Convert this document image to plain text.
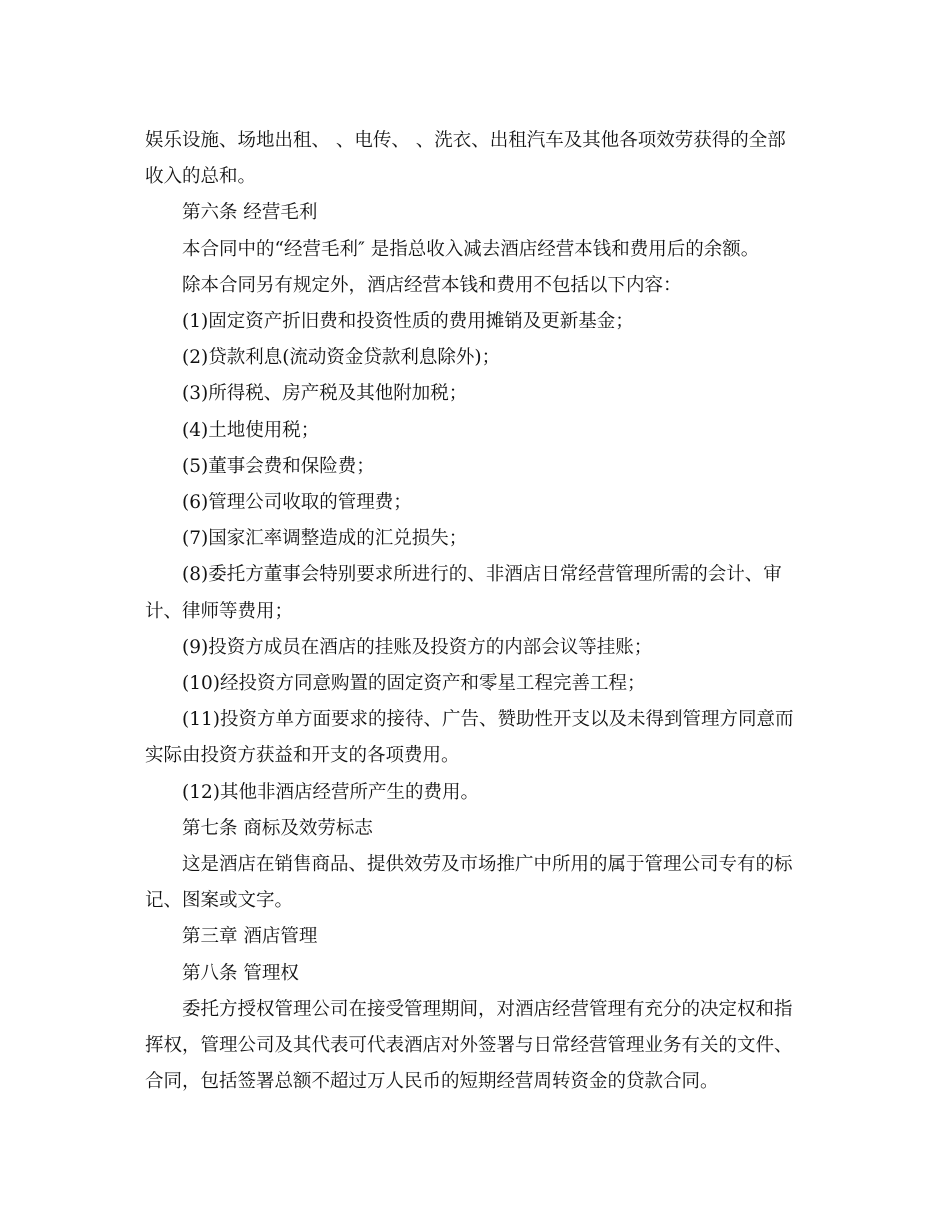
娱乐设施、场地出租、 、电传、 、洗衣、出租汽车及其他各项效劳获得的全部
收入的总和。
第六条 经营毛利
本合同中的“经营毛利″ 是指总收入减去酒店经营本钱和费用后的余额。
除本合同另有规定外，酒店经营本钱和费用不包括以下内容：
(1)固定资产折旧费和投资性质的费用摊销及更新基金；
(2)贷款利息(流动资金贷款利息除外)；
(3)所得税、房产税及其他附加税；
(4)土地使用税；
(5)董事会费和保险费；
(6)管理公司收取的管理费；
(7)国家汇率调整造成的汇兑损失；
(8)委托方董事会特别要求所进行的、非酒店日常经营管理所需的会计、审
计、律师等费用；
(9)投资方成员在酒店的挂账及投资方的内部会议等挂账；
(10)经投资方同意购置的固定资产和零星工程完善工程；
(11)投资方单方面要求的接待、广告、赞助性开支以及未得到管理方同意而
实际由投资方获益和开支的各项费用。
(12)其他非酒店经营所产生的费用。
第七条 商标及效劳标志
这是酒店在销售商品、提供效劳及市场推广中所用的属于管理公司专有的标
记、图案或文字。
第三章 酒店管理
第八条 管理权
委托方授权管理公司在接受管理期间，对酒店经营管理有充分的决定权和指
挥权，管理公司及其代表可代表酒店对外签署与日常经营管理业务有关的文件、
合同，包括签署总额不超过万人民币的短期经营周转资金的贷款合同。
